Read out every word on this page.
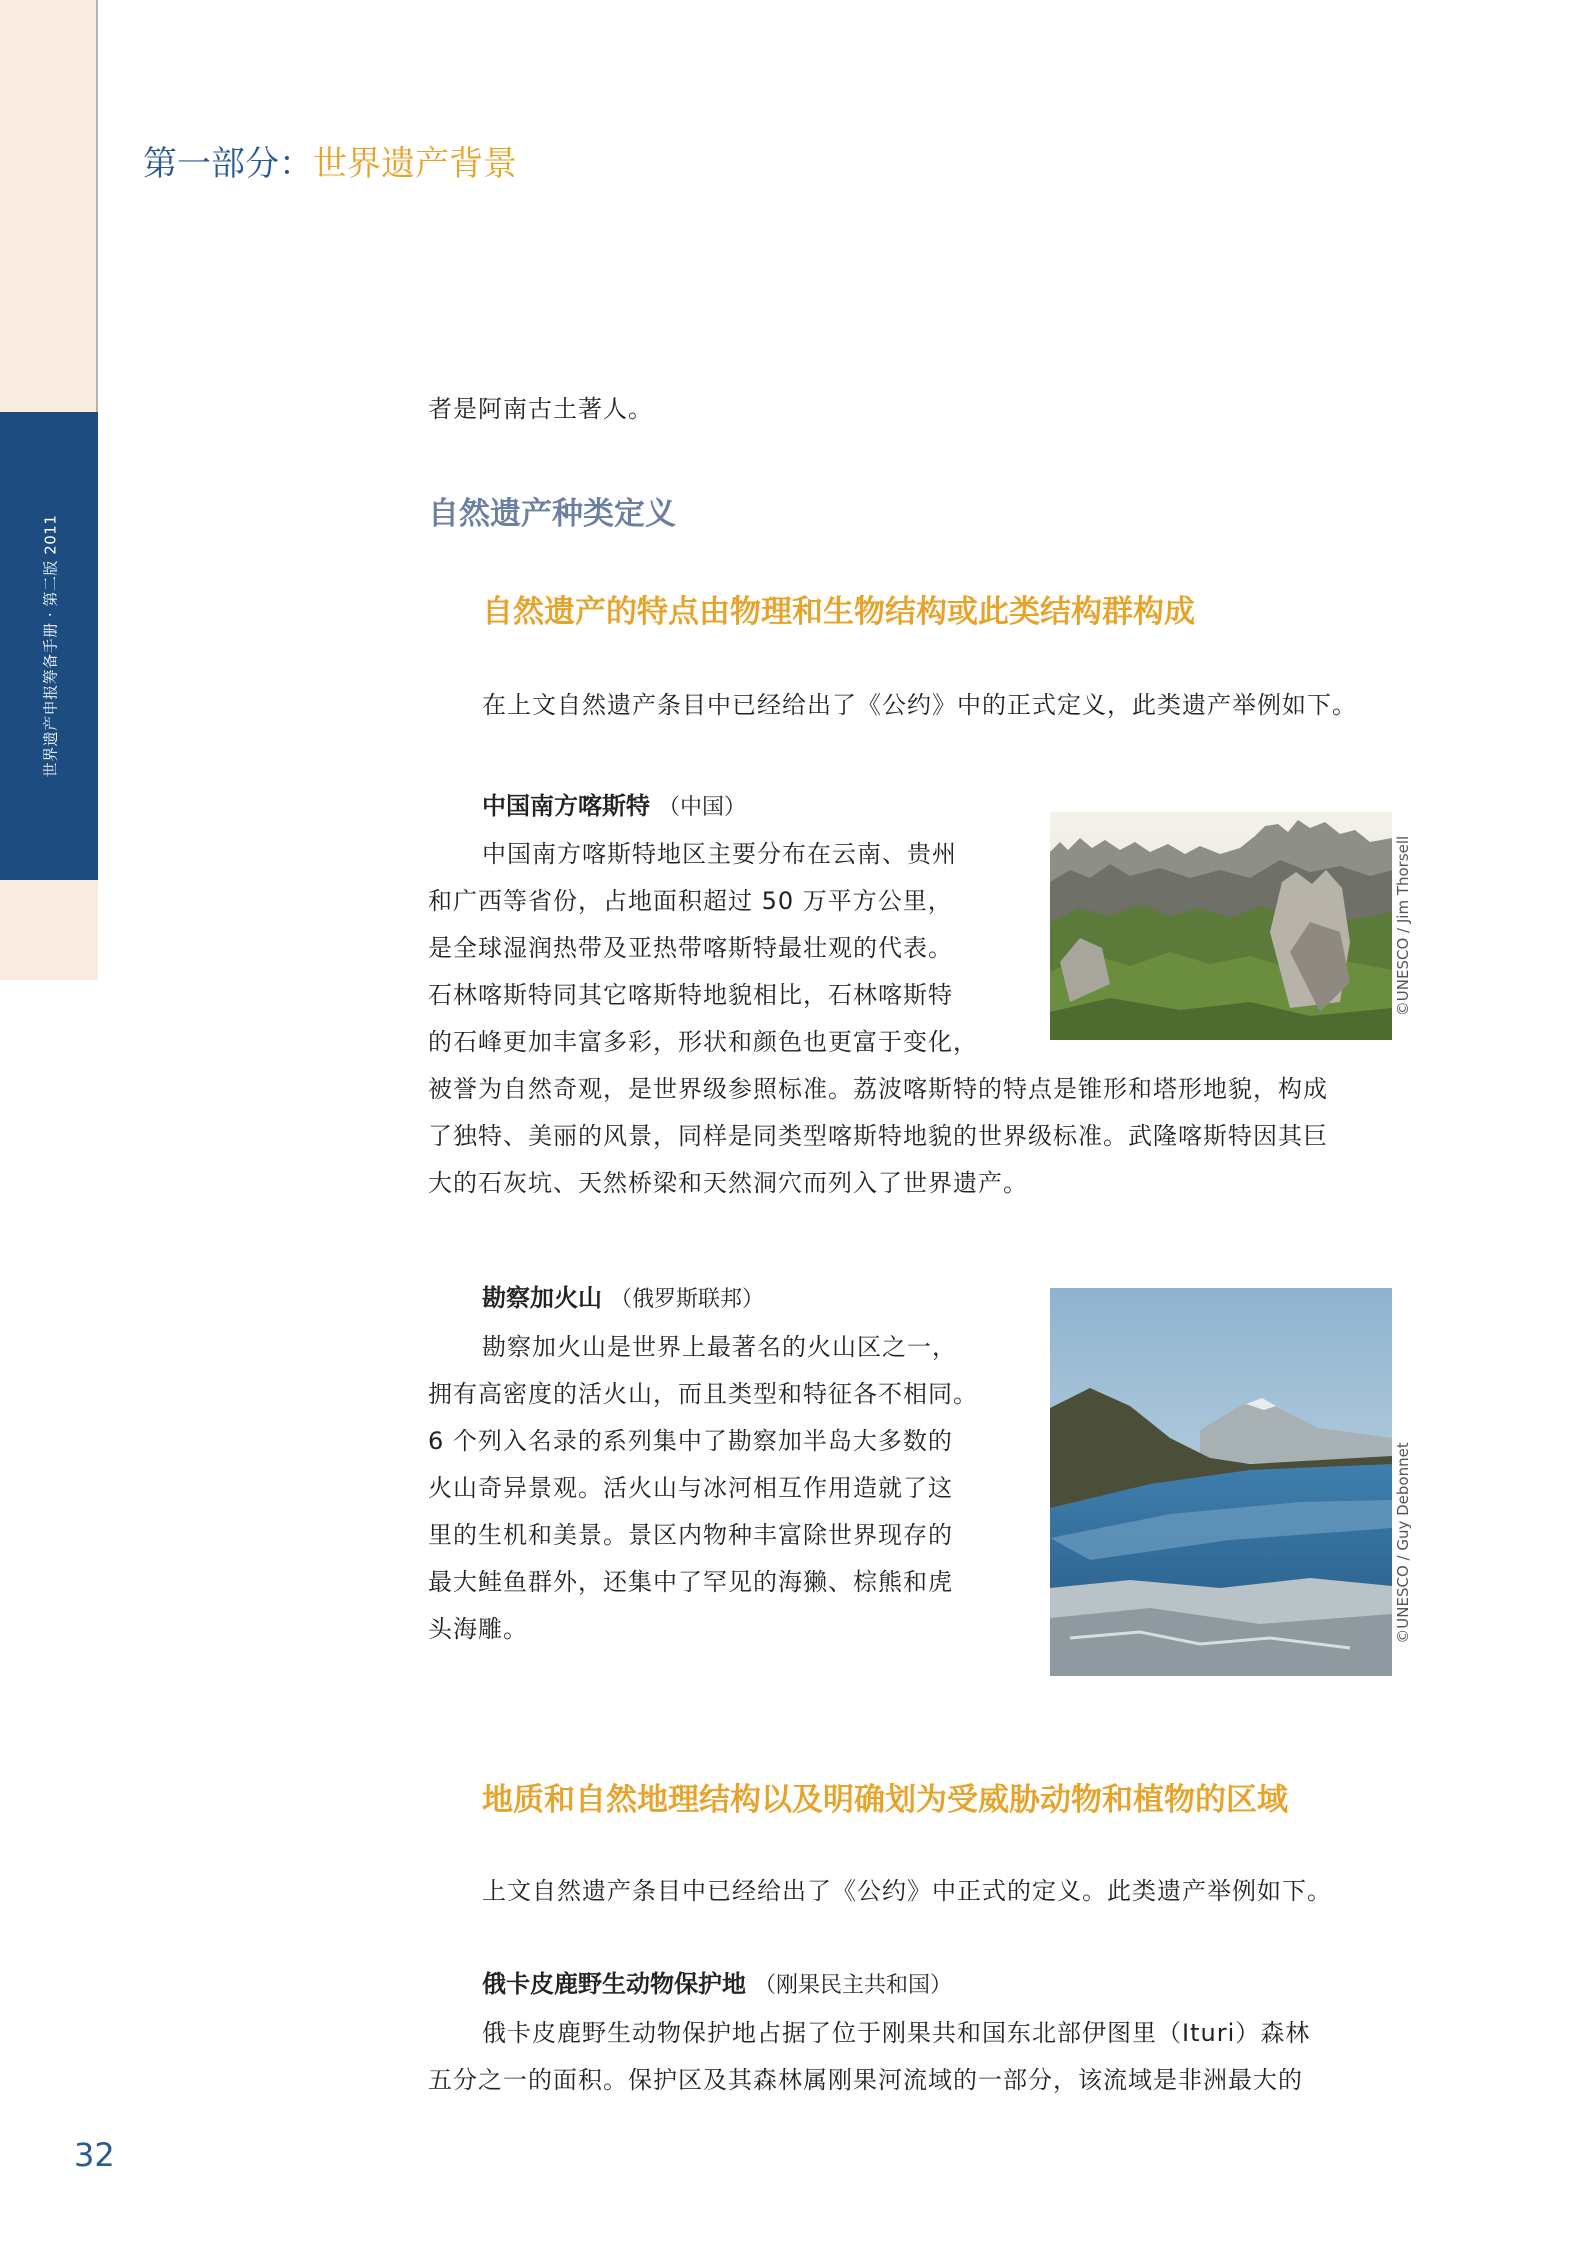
世界遗产申报筹备手册 · 第二版 2011
第一部分：世界遗产背景
者是阿南古土著人。
自然遗产种类定义
自然遗产的特点由物理和生物结构或此类结构群构成
在上文自然遗产条目中已经给出了《公约》中的正式定义，此类遗产举例如下。
中国南方喀斯特 （中国）
中国南方喀斯特地区主要分布在云南、贵州
和广西等省份，占地面积超过 50 万平方公里，
是全球湿润热带及亚热带喀斯特最壮观的代表。
石林喀斯特同其它喀斯特地貌相比，石林喀斯特
的石峰更加丰富多彩，形状和颜色也更富于变化，
被誉为自然奇观，是世界级参照标准。荔波喀斯特的特点是锥形和塔形地貌，构成
了独特、美丽的风景，同样是同类型喀斯特地貌的世界级标准。武隆喀斯特因其巨
大的石灰坑、天然桥梁和天然洞穴而列入了世界遗产。
©UNESCO / Jim Thorsell
勘察加火山 （俄罗斯联邦）
勘察加火山是世界上最著名的火山区之一，
拥有高密度的活火山，而且类型和特征各不相同。
6 个列入名录的系列集中了勘察加半岛大多数的
火山奇异景观。活火山与冰河相互作用造就了这
里的生机和美景。景区内物种丰富除世界现存的
最大鲑鱼群外，还集中了罕见的海獭、棕熊和虎
头海雕。	©UNESCO / Guy Debonnet
地质和自然地理结构以及明确划为受威胁动物和植物的区域
上文自然遗产条目中已经给出了《公约》中正式的定义。此类遗产举例如下。
俄卡皮鹿野生动物保护地 （刚果民主共和国）
俄卡皮鹿野生动物保护地占据了位于刚果共和国东北部伊图里（Ituri）森林
五分之一的面积。保护区及其森林属刚果河流域的一部分，该流域是非洲最大的
32
